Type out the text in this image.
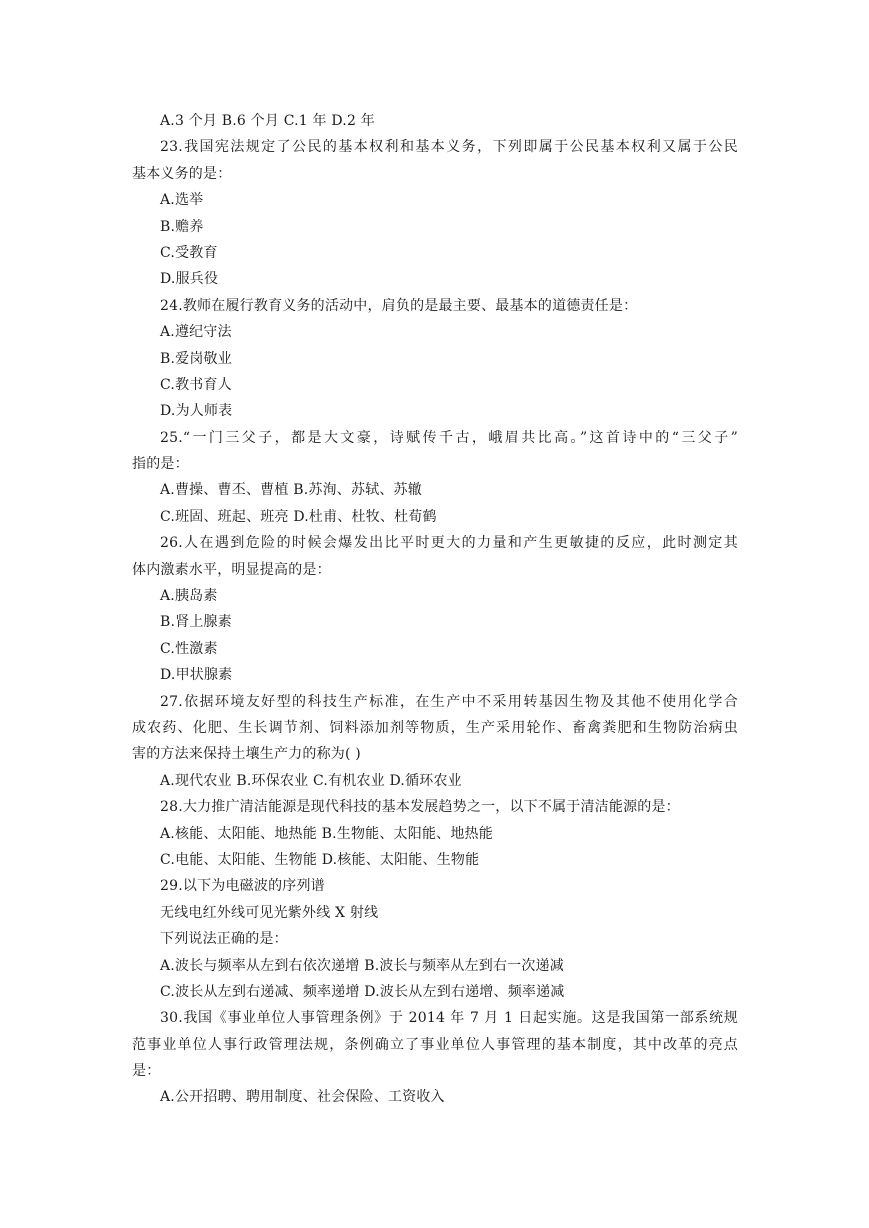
A.3 个月 B.6 个月 C.1 年 D.2 年
23.我国宪法规定了公民的基本权利和基本义务，下列即属于公民基本权利又属于公民
基本义务的是：
A.选举
B.赡养
C.受教育
D.服兵役
24.教师在履行教育义务的活动中，肩负的是最主要、最基本的道德责任是：
A.遵纪守法
B.爱岗敬业
C.教书育人
D.为人师表
25.“一门三父子，都是大文豪，诗赋传千古，峨眉共比高。”这首诗中的“三父子”
指的是：
A.曹操、曹丕、曹植 B.苏洵、苏轼、苏辙
C.班固、班起、班亮 D.杜甫、杜牧、杜荀鹤
26.人在遇到危险的时候会爆发出比平时更大的力量和产生更敏捷的反应，此时测定其
体内激素水平，明显提高的是：
A.胰岛素
B.肾上腺素
C.性激素
D.甲状腺素
27.依据环境友好型的科技生产标准，在生产中不采用转基因生物及其他不使用化学合
成农药、化肥、生长调节剂、饲料添加剂等物质，生产采用轮作、畜禽粪肥和生物防治病虫
害的方法来保持土壤生产力的称为( )
A.现代农业 B.环保农业 C.有机农业 D.循环农业
28.大力推广清洁能源是现代科技的基本发展趋势之一，以下不属于清洁能源的是：
A.核能、太阳能、地热能 B.生物能、太阳能、地热能
C.电能、太阳能、生物能 D.核能、太阳能、生物能
29.以下为电磁波的序列谱
无线电红外线可见光紫外线 X 射线
下列说法正确的是：
A.波长与频率从左到右依次递增 B.波长与频率从左到右一次递减
C.波长从左到右递减、频率递增 D.波长从左到右递增、频率递减
30.我国《事业单位人事管理条例》于 2014 年 7 月 1 日起实施。这是我国第一部系统规
范事业单位人事行政管理法规，条例确立了事业单位人事管理的基本制度，其中改革的亮点
是：
A.公开招聘、聘用制度、社会保险、工资收入
